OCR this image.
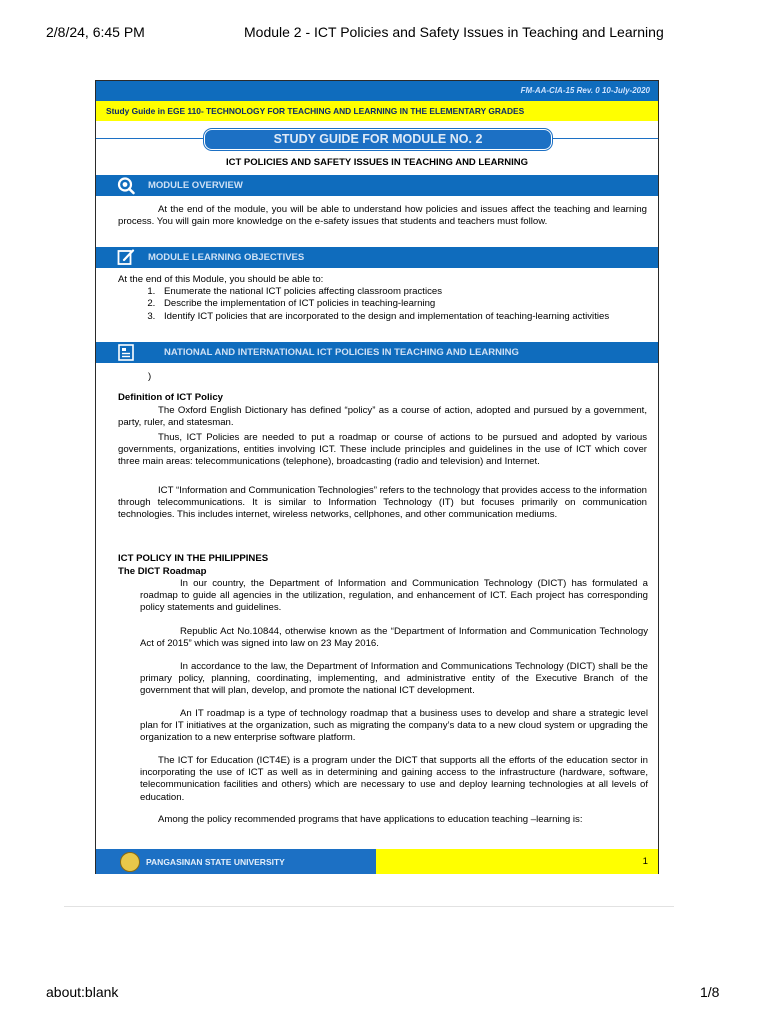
2/8/24, 6:45 PM	Module 2 - ICT Policies and Safety Issues in Teaching and Learning
FM-AA-CIA-15 Rev. 0 10-July-2020
Study Guide in EGE 110- TECHNOLOGY FOR TEACHING AND LEARNING IN THE ELEMENTARY GRADES
STUDY GUIDE FOR MODULE NO. 2
ICT POLICIES AND SAFETY ISSUES IN TEACHING AND LEARNING
MODULE OVERVIEW
At the end of the module, you will be able to understand how policies and issues affect the teaching and learning process. You will gain more knowledge on the e-safety issues that students and teachers must follow.
MODULE LEARNING OBJECTIVES
At the end of this Module, you should be able to:
1. Enumerate the national ICT policies affecting classroom practices
2. Describe the implementation of ICT policies in teaching-learning
3. Identify ICT policies that are incorporated to the design and implementation of teaching-learning activities
NATIONAL AND INTERNATIONAL ICT POLICIES IN TEACHING AND LEARNING
)
Definition of ICT Policy
The Oxford English Dictionary has defined “policy” as a course of action, adopted and pursued by a government, party, ruler, and statesman.
Thus, ICT Policies are needed to put a roadmap or course of actions to be pursued and adopted by various governments, organizations, entities involving ICT. These include principles and guidelines in the use of ICT which cover three main areas: telecommunications (telephone), broadcasting (radio and television) and Internet.
ICT “Information and Communication Technologies” refers to the technology that provides access to the information through telecommunications. It is similar to Information Technology (IT) but focuses primarily on communication technologies. This includes internet, wireless networks, cellphones, and other communication mediums.
ICT POLICY IN THE PHILIPPINES
The DICT Roadmap
In our country, the Department of Information and Communication Technology (DICT) has formulated a roadmap to guide all agencies in the utilization, regulation, and enhancement of ICT. Each project has corresponding policy statements and guidelines.
Republic Act No.10844, otherwise known as the “Department of Information and Communication Technology Act of 2015” which was signed into law on 23 May 2016.
In accordance to the law, the Department of Information and Communications Technology (DICT) shall be the primary policy, planning, coordinating, implementing, and administrative entity of the Executive Branch of the government that will plan, develop, and promote the national ICT development.
An IT roadmap is a type of technology roadmap that a business uses to develop and share a strategic level plan for IT initiatives at the organization, such as migrating the company’s data to a new cloud system or upgrading the organization to a new enterprise software platform.
The ICT for Education (ICT4E) is a program under the DICT that supports all the efforts of the education sector in incorporating the use of ICT as well as in determining and gaining access to the infrastructure (hardware, software, telecommunication facilities and others) which are necessary to use and deploy learning technologies at all levels of education.
Among the policy recommended programs that have applications to education teaching –learning is:
PANGASINAN STATE UNIVERSITY	1
about:blank	1/8
